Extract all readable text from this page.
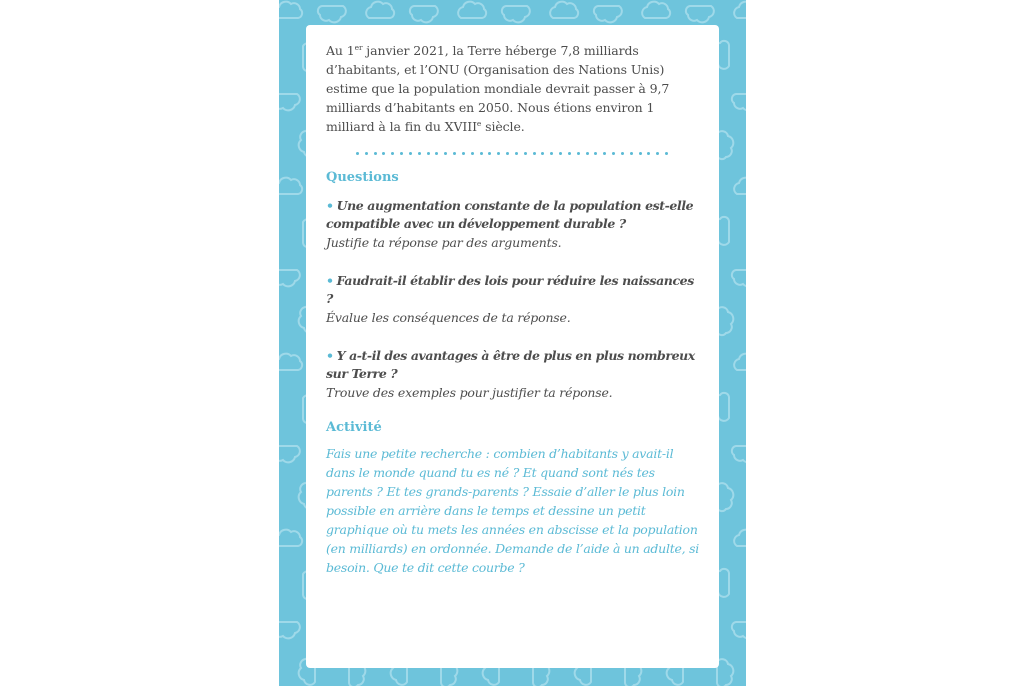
Au 1er janvier 2021, la Terre héberge 7,8 milliards d’habitants, et l’ONU (Organisation des Nations Unis) estime que la population mondiale devrait passer à 9,7 milliards d’habitants en 2050. Nous étions environ 1 milliard à la fin du XVIIIe siècle.

Questions
• Une augmentation constante de la population est-elle compatible avec un développement durable ?
Justifie ta réponse par des arguments.
• Faudrait-il établir des lois pour réduire les naissances ?
Évalue les conséquences de ta réponse.
• Y a-t-il des avantages à être de plus en plus nombreux sur Terre ?
Trouve des exemples pour justifier ta réponse.
Activité
Fais une petite recherche : combien d’habitants y avait-il dans le monde quand tu es né ? Et quand sont nés tes parents ? Et tes grands-parents ? Essaie d’aller le plus loin possible en arrière dans le temps et dessine un petit graphique où tu mets les années en abscisse et la population (en milliards) en ordonnée. Demande de l’aide à un adulte, si besoin. Que te dit cette courbe ?
